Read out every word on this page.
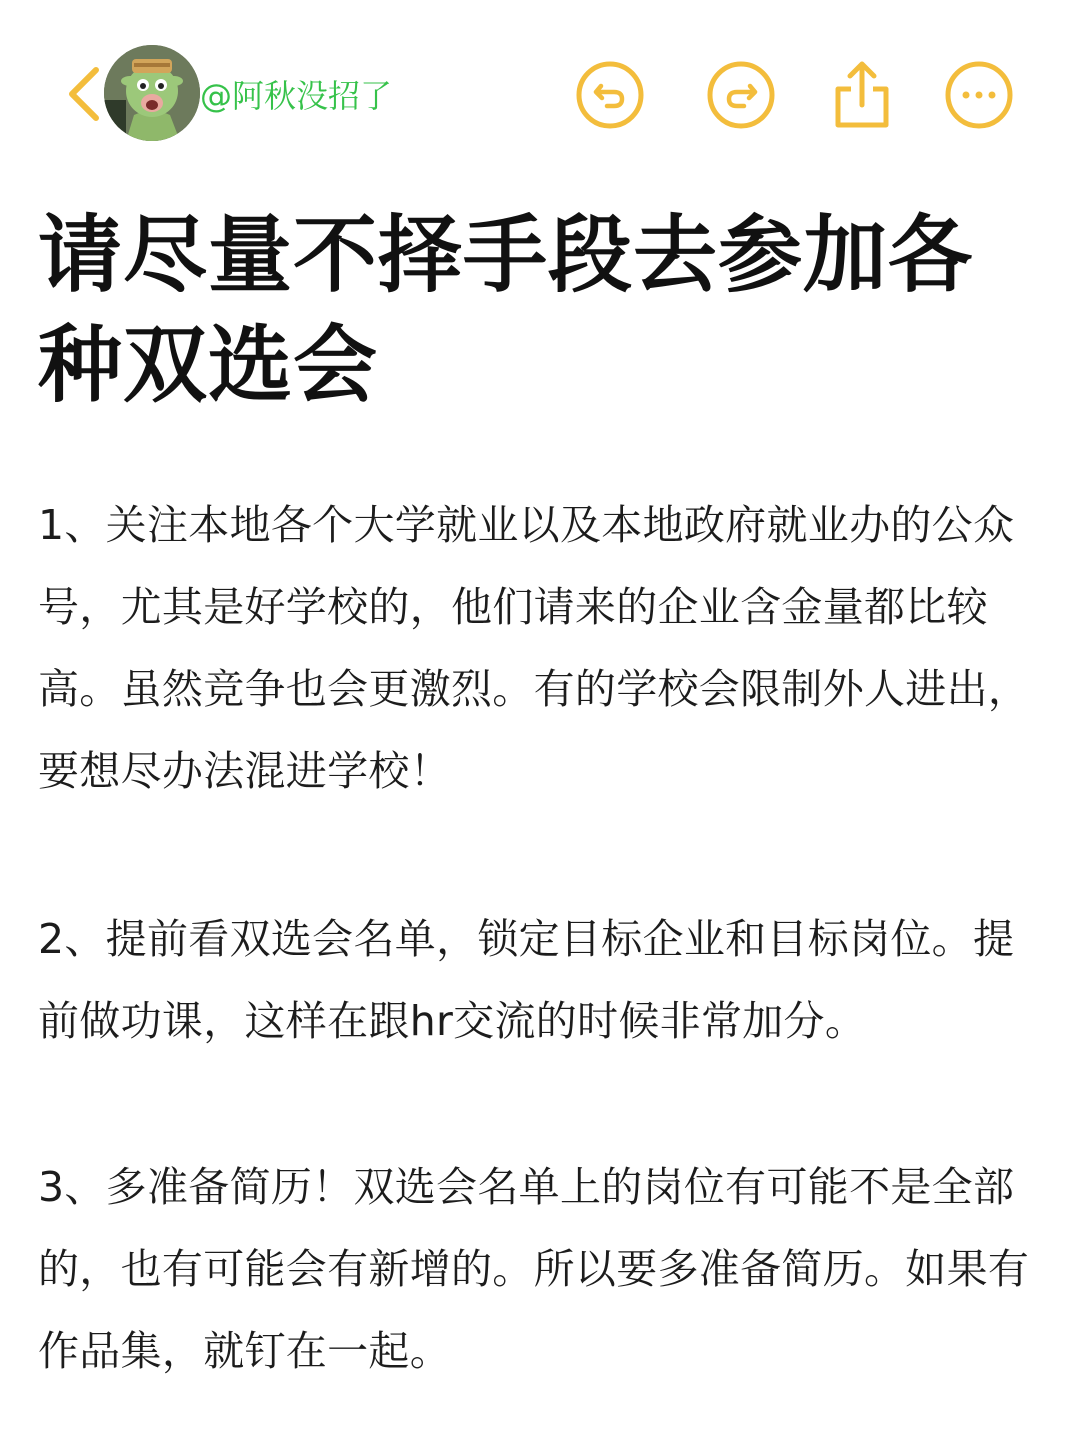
@阿秋没招了
请尽量不择手段去参加各种双选会

1、关注本地各个大学就业以及本地政府就业办的公众号，尤其是好学校的，他们请来的企业含金量都比较高。虽然竞争也会更激烈。有的学校会限制外人进出，要想尽办法混进学校！

2、提前看双选会名单，锁定目标企业和目标岗位。提前做功课，这样在跟hr交流的时候非常加分。

3、多准备简历！双选会名单上的岗位有可能不是全部的，也有可能会有新增的。所以要多准备简历。如果有作品集，就钉在一起。
